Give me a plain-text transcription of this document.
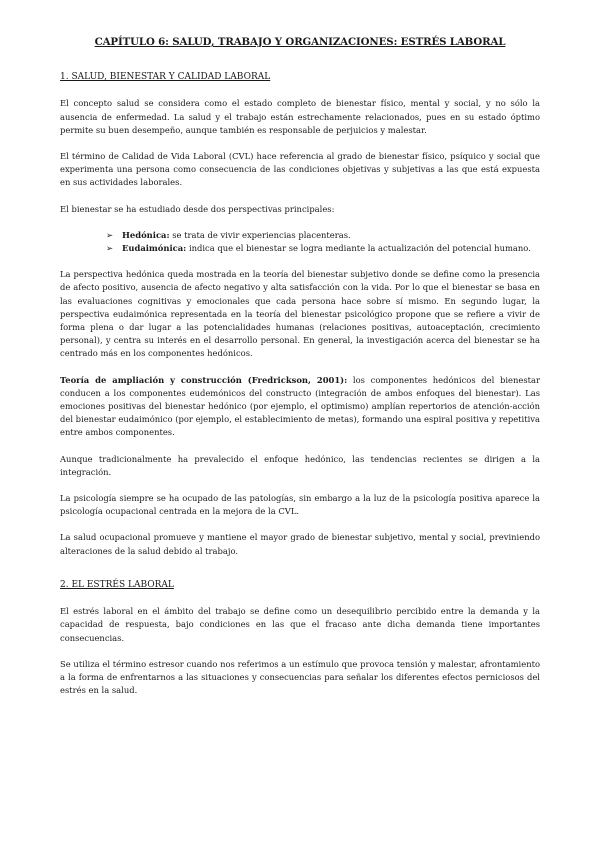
CAPÍTULO 6: SALUD, TRABAJO Y ORGANIZACIONES: ESTRÉS LABORAL
1. SALUD, BIENESTAR Y CALIDAD LABORAL

El concepto salud se considera como el estado completo de bienestar físico, mental y social, y no sólo la ausencia de enfermedad. La salud y el trabajo están estrechamente relacionados, pues en su estado óptimo permite su buen desempeño, aunque también es responsable de perjuicios y malestar.

El término de Calidad de Vida Laboral (CVL) hace referencia al grado de bienestar físico, psíquico y social que experimenta una persona como consecuencia de las condiciones objetivas y subjetivas a las que está expuesta en sus actividades laborales.

El bienestar se ha estudiado desde dos perspectivas principales:

➢ Hedónica: se trata de vivir experiencias placenteras.
➢ Eudaimónica: indica que el bienestar se logra mediante la actualización del potencial humano.

La perspectiva hedónica queda mostrada en la teoría del bienestar subjetivo donde se define como la presencia de afecto positivo, ausencia de afecto negativo y alta satisfacción con la vida. Por lo que el bienestar se basa en las evaluaciones cognitivas y emocionales que cada persona hace sobre sí mismo. En segundo lugar, la perspectiva eudaimónica representada en la teoría del bienestar psicológico propone que se refiere a vivir de forma plena o dar lugar a las potencialidades humanas (relaciones positivas, autoaceptación, crecimiento personal), y centra su interés en el desarrollo personal. En general, la investigación acerca del bienestar se ha centrado más en los componentes hedónicos.

Teoría de ampliación y construcción (Fredrickson, 2001): los componentes hedónicos del bienestar conducen a los componentes eudemónicos del constructo (integración de ambos enfoques del bienestar). Las emociones positivas del bienestar hedónico (por ejemplo, el optimismo) amplían repertorios de atención-acción del bienestar eudaimónico (por ejemplo, el establecimiento de metas), formando una espiral positiva y repetitiva entre ambos componentes.

Aunque tradicionalmente ha prevalecido el enfoque hedónico, las tendencias recientes se dirigen a la integración.

La psicología siempre se ha ocupado de las patologías, sin embargo a la luz de la psicología positiva aparece la psicología ocupacional centrada en la mejora de la CVL.

La salud ocupacional promueve y mantiene el mayor grado de bienestar subjetivo, mental y social, previniendo alteraciones de la salud debido al trabajo.

2. EL ESTRÉS LABORAL

El estrés laboral en el ámbito del trabajo se define como un desequilibrio percibido entre la demanda y la capacidad de respuesta, bajo condiciones en las que el fracaso ante dicha demanda tiene importantes consecuencias.

Se utiliza el término estresor cuando nos referimos a un estímulo que provoca tensión y malestar, afrontamiento a la forma de enfrentarnos a las situaciones y consecuencias para señalar los diferentes efectos perniciosos del estrés en la salud.
